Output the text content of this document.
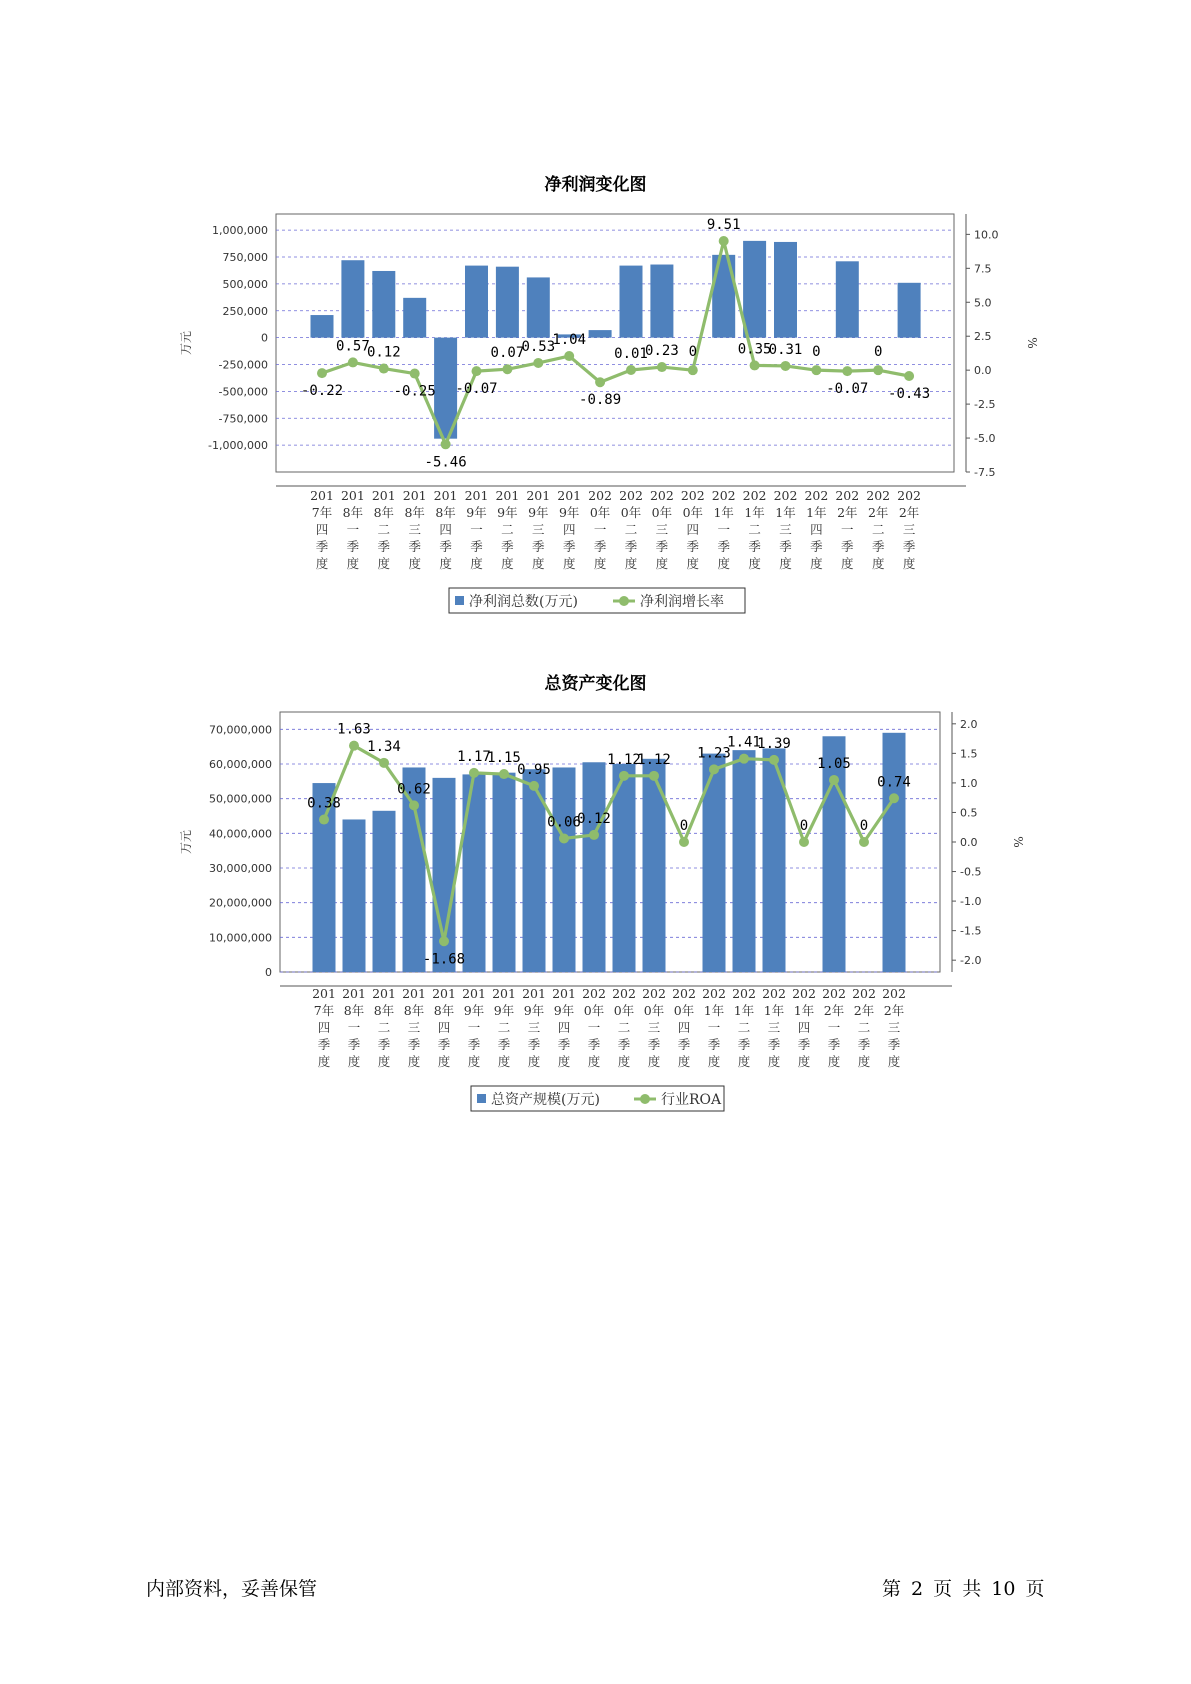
净利润变化图
1,000,000
750,000
500,000
250,000
0
-250,000
-500,000
-750,000
-1,000,000
万元
10.0
7.5
5.0
2.5
0.0
-2.5
-5.0
-7.5
%
-0.22
0.57
0.12
-0.25
-5.46
-0.07
0.07
0.53
1.04
-0.89
0.01
0.23 0
9.51
0.35
0.31 0
-0.07
0
-0.43
201
7年
四
季
度
201
8年
一
季
度
201
8年
二
季
度
201
8年
三
季
度
201
8年
四
季
度
201
9年
一
季
度
201
9年
二
季
度
201
9年
三
季
度
201
9年
四
季
度
202
0年
一
季
度
202
0年
二
季
度
202
0年
三
季
度
202
0年
四
季
度
202
1年
一
季
度
202
1年
二
季
度
202
1年
三
季
度
202
1年
四
季
度
202
2年
一
季
度
202
2年
二
季
度
202
2年
三
季
度
净利润总数(万元)	净利润增长率
总资产变化图
70,000,000
60,000,000
50,000,000
40,000,000
30,000,000
20,000,000
10,000,000
0
万元
2.0
1.5
1.0
0.5
0.0
-0.5
-1.0
-1.5
-2.0
%
0.38
1.63
1.34
0.62
-1.68
1.17
1.15
0.95
0.06
0.12
1.12
1.12
0
1.23
1.41
1.39
0
1.05
0
0.74
201
7年
四
季
度
201
8年
一
季
度
201
8年
二
季
度
201
8年
三
季
度
201
8年
四
季
度
201
9年
一
季
度
201
9年
二
季
度
201
9年
三
季
度
201
9年
四
季
度
202
0年
一
季
度
202
0年
二
季
度
202
0年
三
季
度
202
0年
四
季
度
202
1年
一
季
度
202
1年
二
季
度
202
1年
三
季
度
202
1年
四
季
度
202
2年
一
季
度
202
2年
二
季
度
202
2年
三
季
度
总资产规模(万元)	行业ROA
内部资料，妥善保管	第 2 页 共 10 页
